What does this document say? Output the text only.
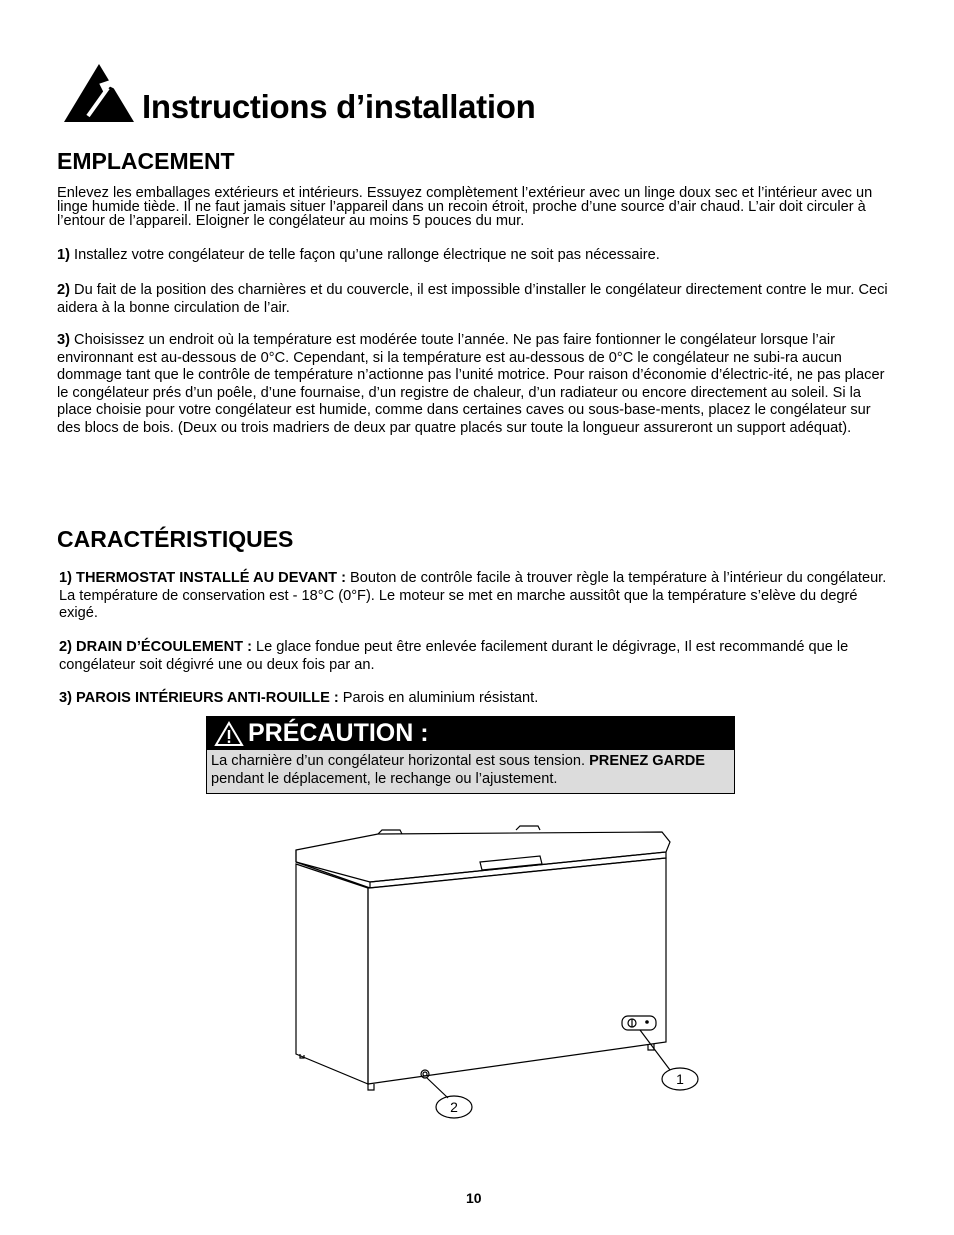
Instructions d’installation
EMPLACEMENT

Enlevez les emballages extérieurs et intérieurs. Essuyez complètement l’extérieur avec un linge doux sec et l’intérieur avec un linge humide tiède. Il ne faut jamais situer l’appareil dans un recoin étroit, proche d’une source d’air chaud. L’air doit circuler à l’entour de l’appareil. Eloigner le congélateur au moins 5 pouces du mur.

1) Installez votre congélateur de telle façon qu’une rallonge électrique ne soit pas nécessaire.

2) Du fait de la position des charnières et du couvercle, il est impossible d’installer le congélateur directement contre le mur. Ceci aidera à la bonne circulation de l’air.

3) Choisissez un endroit où la température est modérée toute l’année. Ne pas faire fontionner le congélateur lorsque l’air environnant est au-dessous de 0°C. Cependant, si la température est au-dessous de 0°C le congélateur ne subi-ra aucun dommage tant que le contrôle de température n’actionne pas l’unité motrice. Pour raison d’économie d’électric-ité, ne pas placer le congélateur prés d’un poêle, d’une fournaise, d’un registre de chaleur, d’un radiateur ou encore directement au soleil. Si la place choisie pour votre congélateur est humide, comme dans certaines caves ou sous-base-ments, placez le congélateur sur des blocs de bois. (Deux ou trois madriers de deux par quatre placés sur toute la longueur assureront un support adéquat).

CARACTÉRISTIQUES

1) THERMOSTAT INSTALLÉ AU DEVANT : Bouton de contrôle facile à trouver règle la température à l’intérieur du congélateur. La température de conservation est - 18°C (0°F). Le moteur se met en marche aussitôt que la température s’elève du degré exigé.

2) DRAIN D’ÉCOULEMENT : Le glace fondue peut être enlevée facilement durant le dégivrage, Il est recommandé que le congélateur soit dégivré une ou deux fois par an.

3) PAROIS INTÉRIEURS ANTI-ROUILLE : Parois en aluminium résistant.

PRÉCAUTION :
La charnière d’un congélateur horizontal est sous tension. PRENEZ GARDE pendant le déplacement, le rechange ou l’ajustement.
1
2
10
